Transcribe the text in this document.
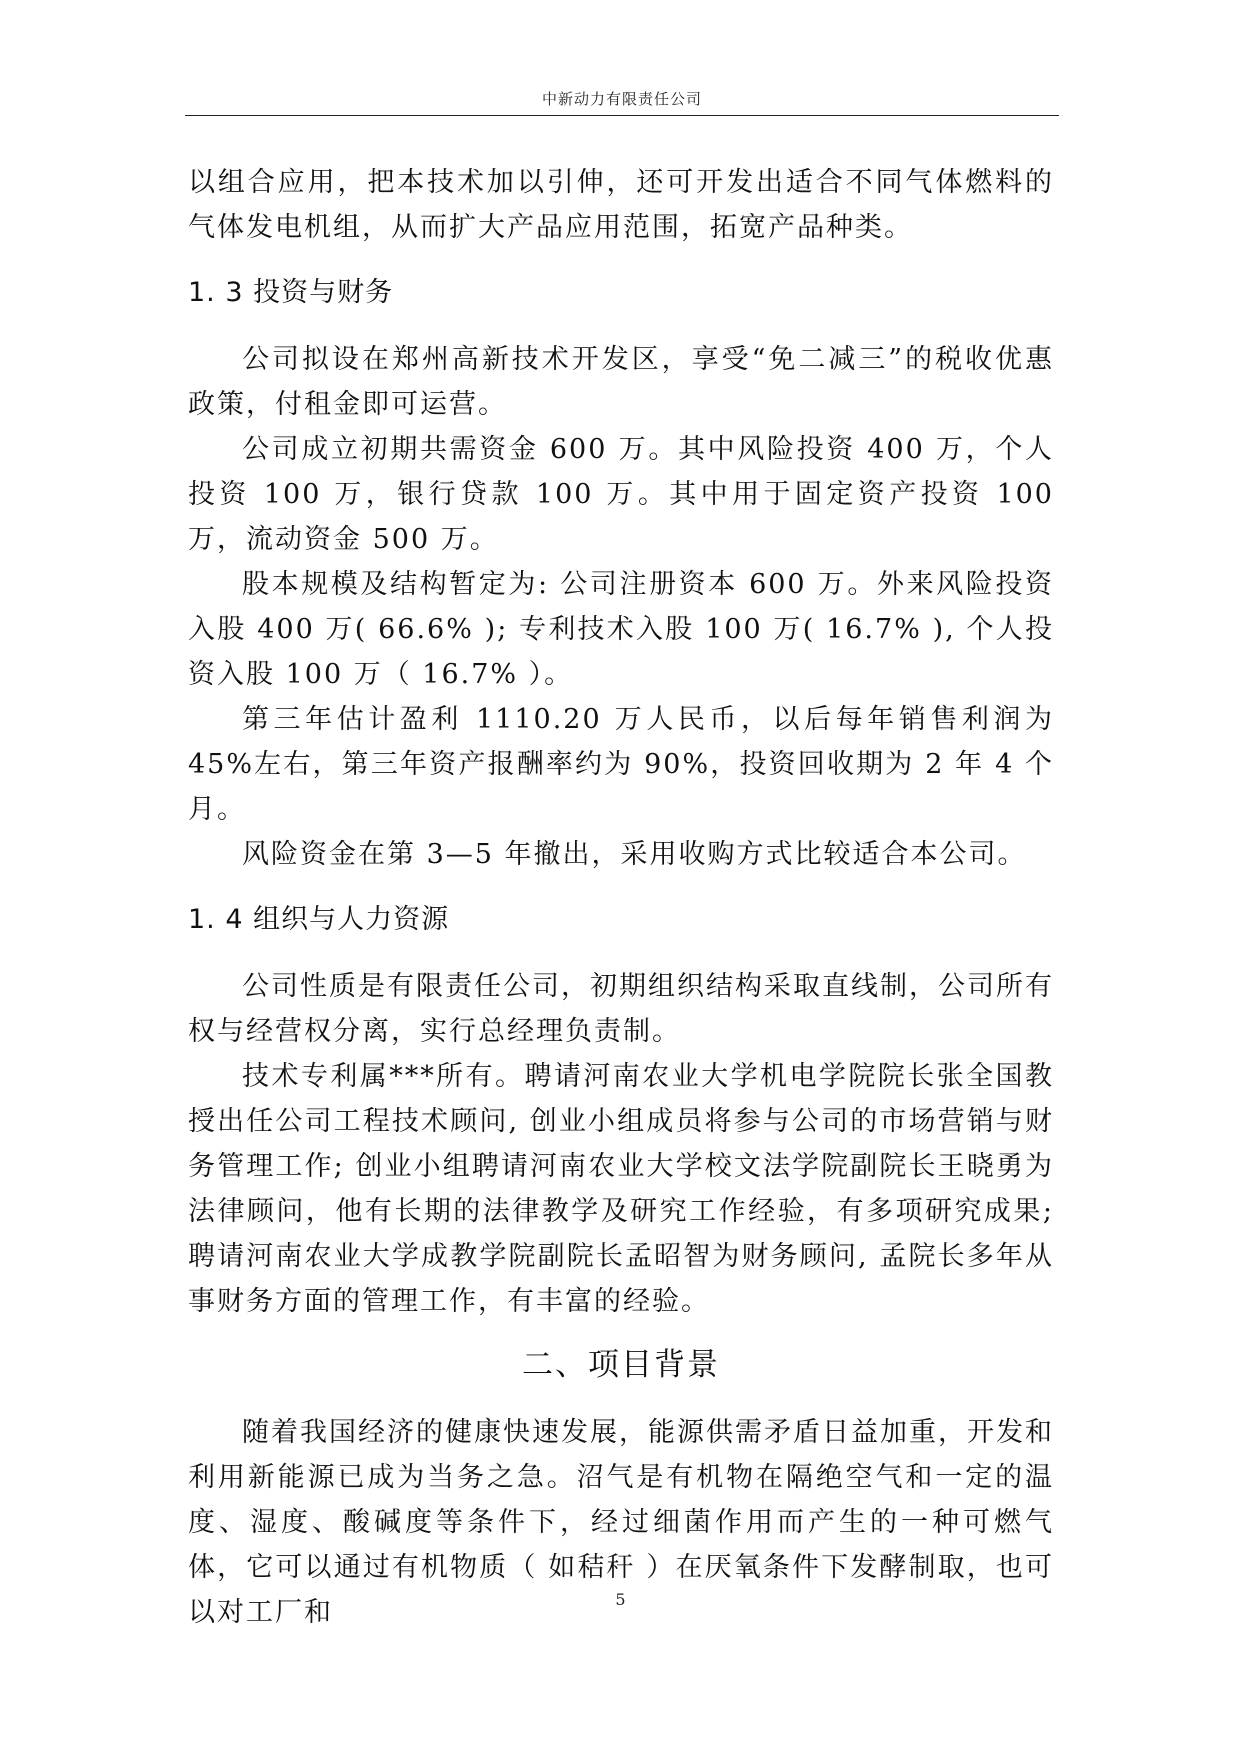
中新动力有限责任公司

以组合应用，把本技术加以引伸，还可开发出适合不同气体燃料的气体发电机组，从而扩大产品应用范围，拓宽产品种类。

1. 3 投资与财务

公司拟设在郑州高新技术开发区，享受“免二减三”的税收优惠政策，付租金即可运营。

公司成立初期共需资金 600 万。其中风险投资 400 万，个人投资 100 万，银行贷款 100 万。其中用于固定资产投资 100 万，流动资金 500 万。

股本规模及结构暂定为: 公司注册资本 600 万。外来风险投资入股 400 万( 66.6% ); 专利技术入股 100 万( 16.7% ), 个人投资入股 100 万（ 16.7% ）。

第三年估计盈利 1110.20 万人民币，以后每年销售利润为 45%左右，第三年资产报酬率约为 90%，投资回收期为 2 年 4 个月。

风险资金在第 3—5 年撤出，采用收购方式比较适合本公司。

1. 4 组织与人力资源

公司性质是有限责任公司，初期组织结构采取直线制，公司所有权与经营权分离，实行总经理负责制。

技术专利属***所有。聘请河南农业大学机电学院院长张全国教授出任公司工程技术顾问, 创业小组成员将参与公司的市场营销与财务管理工作; 创业小组聘请河南农业大学校文法学院副院长王晓勇为法律顾问，他有长期的法律教学及研究工作经验，有多项研究成果; 聘请河南农业大学成教学院副院长孟昭智为财务顾问, 孟院长多年从事财务方面的管理工作，有丰富的经验。

二、项目背景

随着我国经济的健康快速发展，能源供需矛盾日益加重，开发和利用新能源已成为当务之急。沼气是有机物在隔绝空气和一定的温度、湿度、酸碱度等条件下，经过细菌作用而产生的一种可燃气体，它可以通过有机物质（ 如秸秆 ）在厌氧条件下发酵制取，也可以对工厂和	5
